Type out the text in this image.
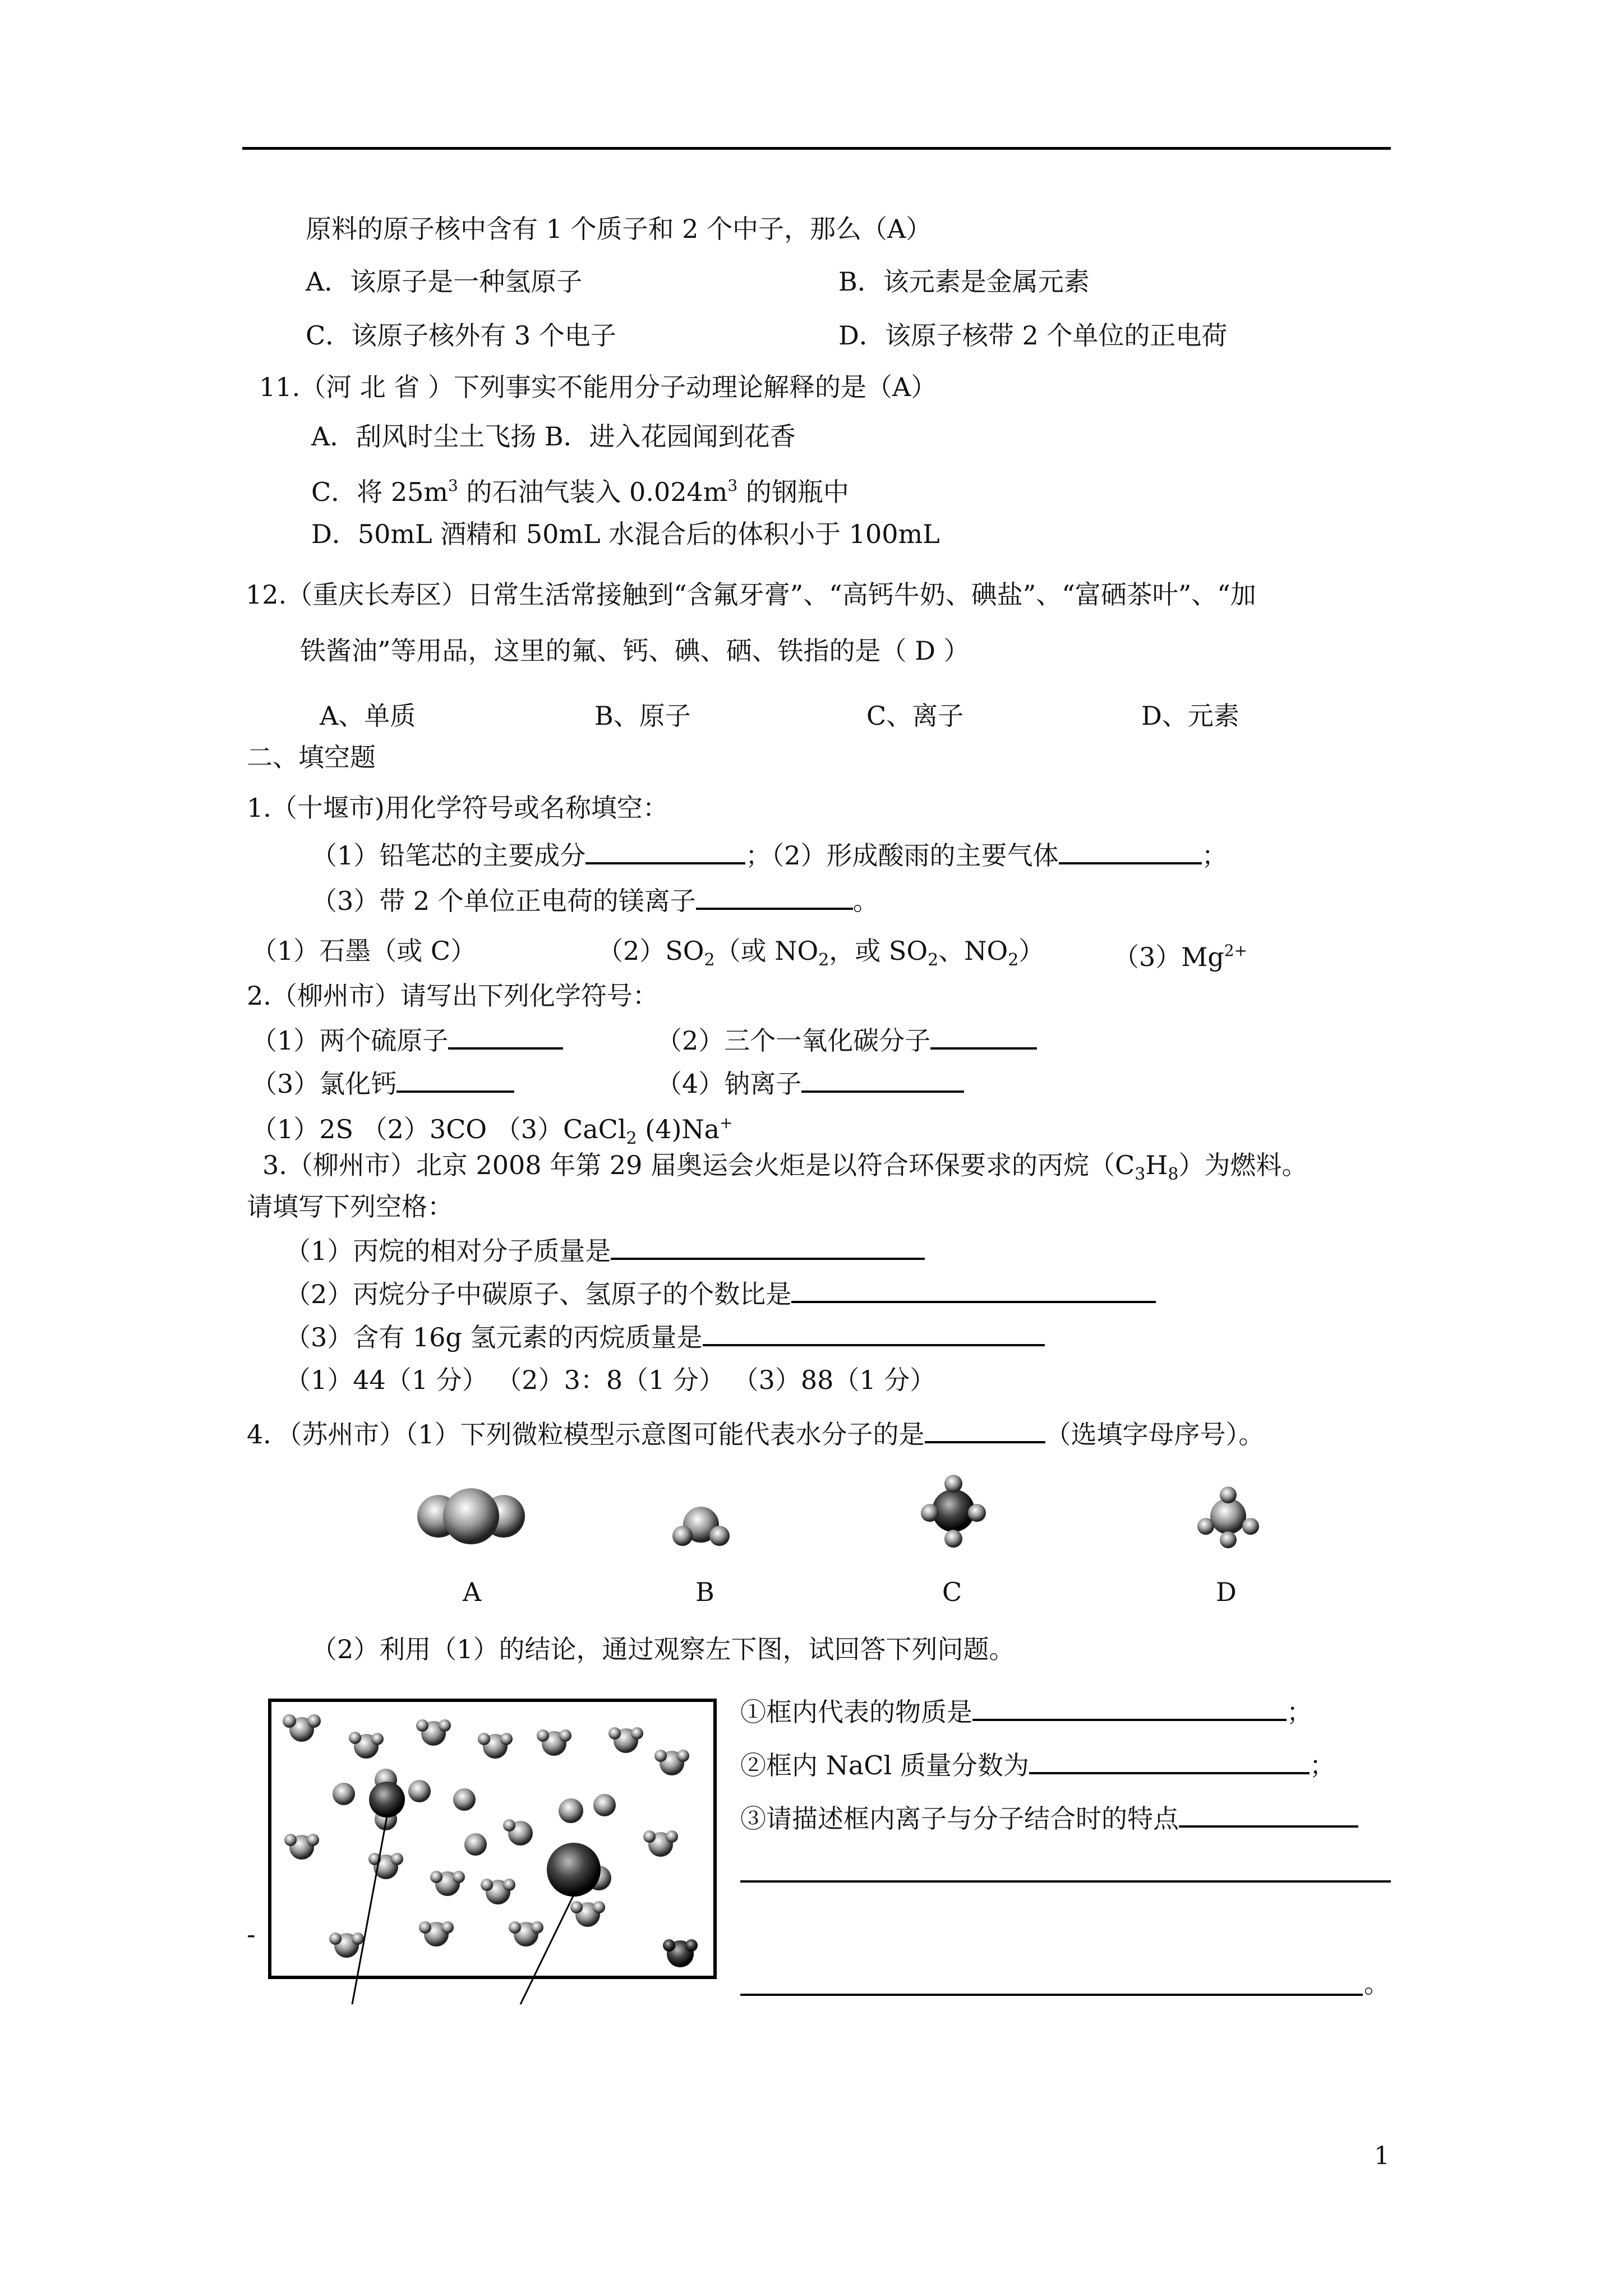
原料的原子核中含有 1 个质子和 2 个中子，那么（A）
A．该原子是一种氢原子	B．该元素是金属元素
C．该原子核外有 3 个电子	D．该原子核带 2 个单位的正电荷
11.（河 北 省 ）下列事实不能用分子动理论解释的是（A）
A．刮风时尘土飞扬 B．进入花园闻到花香
C．将 $25m^3$ 的石油气装入 $0.024m^3$ 的钢瓶中
D．50mL 酒精和 50mL 水混合后的体积小于 100mL
12.（重庆长寿区）日常生活常接触到“含氟牙膏”、“高钙牛奶、碘盐”、“富硒茶叶”、“加
铁酱油”等用品，这里的氟、钙、碘、硒、铁指的是（ D ）
A、单质	B、原子	C、离子	D、元素
二、填空题
1.（十堰市)用化学符号或名称填空：
（1）铅笔芯的主要成分	；（2）形成酸雨的主要气体	；
（3）带 2 个单位正电荷的镁离子	。
（1）石墨（或 C）	$(2)SO_2$（或 $NO_2$，或 $SO_2$、$NO_2$）	$(3)Mg^{2+}$
2.（柳州市）请写出下列化学符号：
（1）两个硫原子	（2）三个一氧化碳分子
（3）氯化钙	（4）钠离子
（1）2S （2）3CO （3）CaCl$_2$ (4)Na+
3.（柳州市）北京 2008 年第 29 届奥运会火炬是以符合环保要求的丙烷$(C_3H_8)$为燃料。
请填写下列空格：
（1）丙烷的相对分子质量是
（2）丙烷分子中碳原子、氢原子的个数比是
（3）含有 16g 氢元素的丙烷质量是
（1）44（1 分） （2）3：8（1 分） （3）88（1 分）
4．（苏州市）（1）下列微粒模型示意图可能代表水分子的是	（选填字母序号）。
A	B	C	D
（2）利用（1）的结论，通过观察左下图，试回答下列问题。
-
①框内代表的物质是	；
②框内 NaCl 质量分数为	；
③请描述框内离子与分子结合时的特点
。
1
